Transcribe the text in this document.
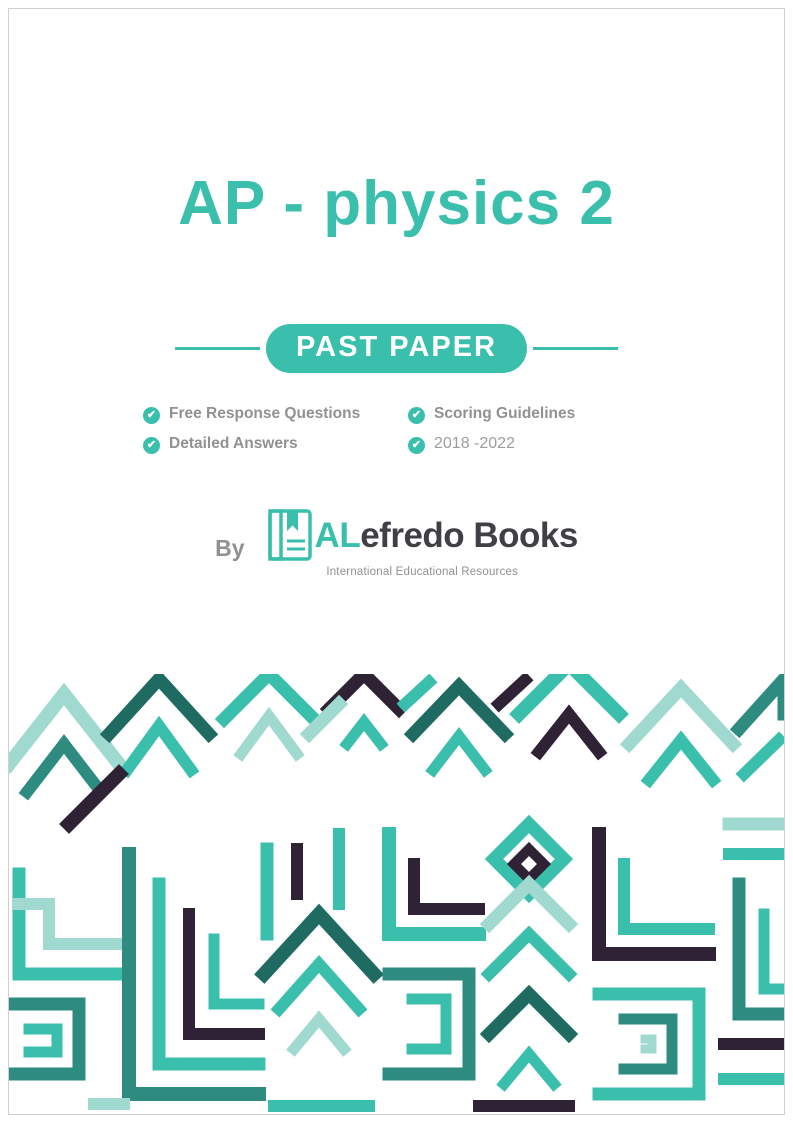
AP - physics 2
PAST PAPER
✔ Free Response Questions	✔ Scoring Guidelines
✔ Detailed Answers	✔ 2018 -2022
By ALefredo Books
International Educational Resources
